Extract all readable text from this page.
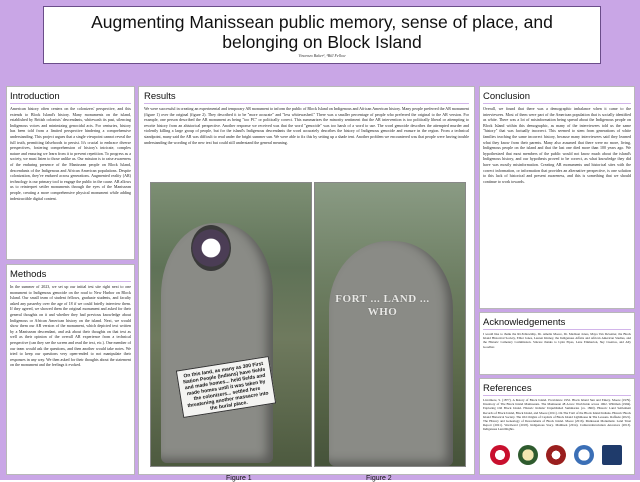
Augmenting Manissean public memory, sense of place, and belonging on Block Island
Vincenzo Baker¹, ²Bill Fellow
Introduction

American history often centers on the colonizers' perspective, and this extends to Block Island's history. Many monuments on the island, established by British colonists' descendants, whitewash its past, silencing Indigenous voices and minimizing genocidal acts. For centuries, history has been told from a limited perspective hindering a comprehensive understanding. This project argues that a single viewpoint cannot reveal the full truth, permitting falsehoods to persist. It's crucial to embrace diverse perspectives, fostering comprehension of history's intricate, complex nature and ensuring we learn from it to prevent repetition. To progress as a society, we must listen to those unlike us. Our mission is to raise awareness of the enduring presence of the Manissean people on Block Island, descendants of the Indigenous and African American populations. Despite colonization, they've endured across generations. Augmented reality (AR) technology is our primary tool to engage the public in the cause. AR allows us to reinterpret settler monuments through the eyes of the Manissean people, creating a more comprehensive physical monument while adding indestructible digital content.

Methods

In the summer of 2023, we set up our initial test site right next to one monument to Indigenous genocide on the road to New Harbor on Block Island. Our small team of student fellows, graduate students, and faculty asked any passerby over the age of 18 if we could briefly interview them. If they agreed, we showed them the original monument and asked for their general thoughts on it and whether they had previous knowledge about Indigenous or African American history on the island. Next, we would show them our AR version of the monument, which depicted text written by a Manissean descendant, and ask about their thoughts on that text as well as their opinion of the overall AR experience from a technical perspective (can they see the screen and read the text, etc.). One member of our team would ask the questions, and then another would take notes. We tried to keep our questions very open-ended to not manipulate their responses in any way. We then asked for their thoughts about the statement on the monument and the feelings it evoked.

Results

We were successful in creating an experimental and temporary AR monument to inform the public of Block Island on Indigenous and African American history. Many people preferred the AR monument (figure 1) over the original (figure 2). They described it to be "more accurate" and "less whitewashed." There was a smaller percentage of people who preferred the original to the AR version. For example, one person described the AR monument as being "too PC" or politically correct. This summarizes the minority sentiment that the AR intervention is too politically liberal or attempting to rewrite history from an ahistorical perspective. Another response we received was that the word "genocide" was too harsh of a word to use. The word genocide describes the attempted murder and violently killing a large group of people, but for the island's Indigenous descendants the word accurately describes the history of Indigenous genocide and erasure in the region. From a technical standpoint, many said the AR was difficult to read under the bright summer sun. We were able to fix this by setting up a shade tent. Another problem we encountered was that people were having trouble understanding the wording of the new text but could still understand the general meaning.

On this land, as many as 300 First Nation People (Indians) have fields and made homes... held fields and made homes until it was taken by the colonizers... settled here threatening another massacre into the burial place.
FORT ... LAND ... WHO
Figure 1	Figure 2
Conclusion

Overall, we found that there was a demographic imbalance when it came to the interviewees. Most of them were part of the American population that is socially identified as white. There was a lot of misinformation being spread about the Indigenous people on Block Island within this demographic, as many of the interviewees told us the same "history" that was factually incorrect. This seemed to stem from generations of white families teaching the same incorrect history, because many interviewees said they learned what they know from their parents. Many also assumed that there were no more, living, Indigenous people on the island and that the last one died more than 100 years ago. We hypothesized that most members of the public would not know much about the island's Indigenous history, and our hypothesis proved to be correct, as what knowledge they did have was mostly misinformation. Creating AR monuments and historical sites with the correct information, or information that provides an alternative perspective, is one solution to this lack of historical and present awareness, and this is something that we should continue to work towards.

Acknowledgements

I would like to thank the RI-Fellowship, Dr. Amelia Moore, Dr. Madison Jones, Maya Van Deventer, the Block Island Historical Society, Elliot Jones, Lauren Kinney, the Indigenous Affairs and African American Studies, and the Historic Cemetery Commission. Sincere thanks to Lynn Pipes, Lane Emmerton, Sky Cuentos, and Ally Goodbar.

References

Livermore, S. (1877). A history of Block Island. Providence 1952. Block Island Sun and Emery. Moore (1979). Inventory of The Block Island Manisseans. The Manissean 48 Acres: Worldwide across 1962. Whitman (1994). Exploring Old Block Island. Historic Indians' Unpublished Summaries (ca. 1860). Historic Land Settlement Records of Block Island, Block Island, and Moore (2011). On The Trail of the Block Island Indians. Historic Block Island Historical Society. The Old Origins of Capitals of Block Island Lighthouse & The Lessons. Raffaele (2021). The History and Genealogy of Descendants of Block Island. Moore (2016). Manissean Monument. Land Trust Report (2021). Wordward (2018). Indigenous Story. Mathisen (2014). Cultural-Revolution Ancestors (2013). Indigenous Land Rights.
